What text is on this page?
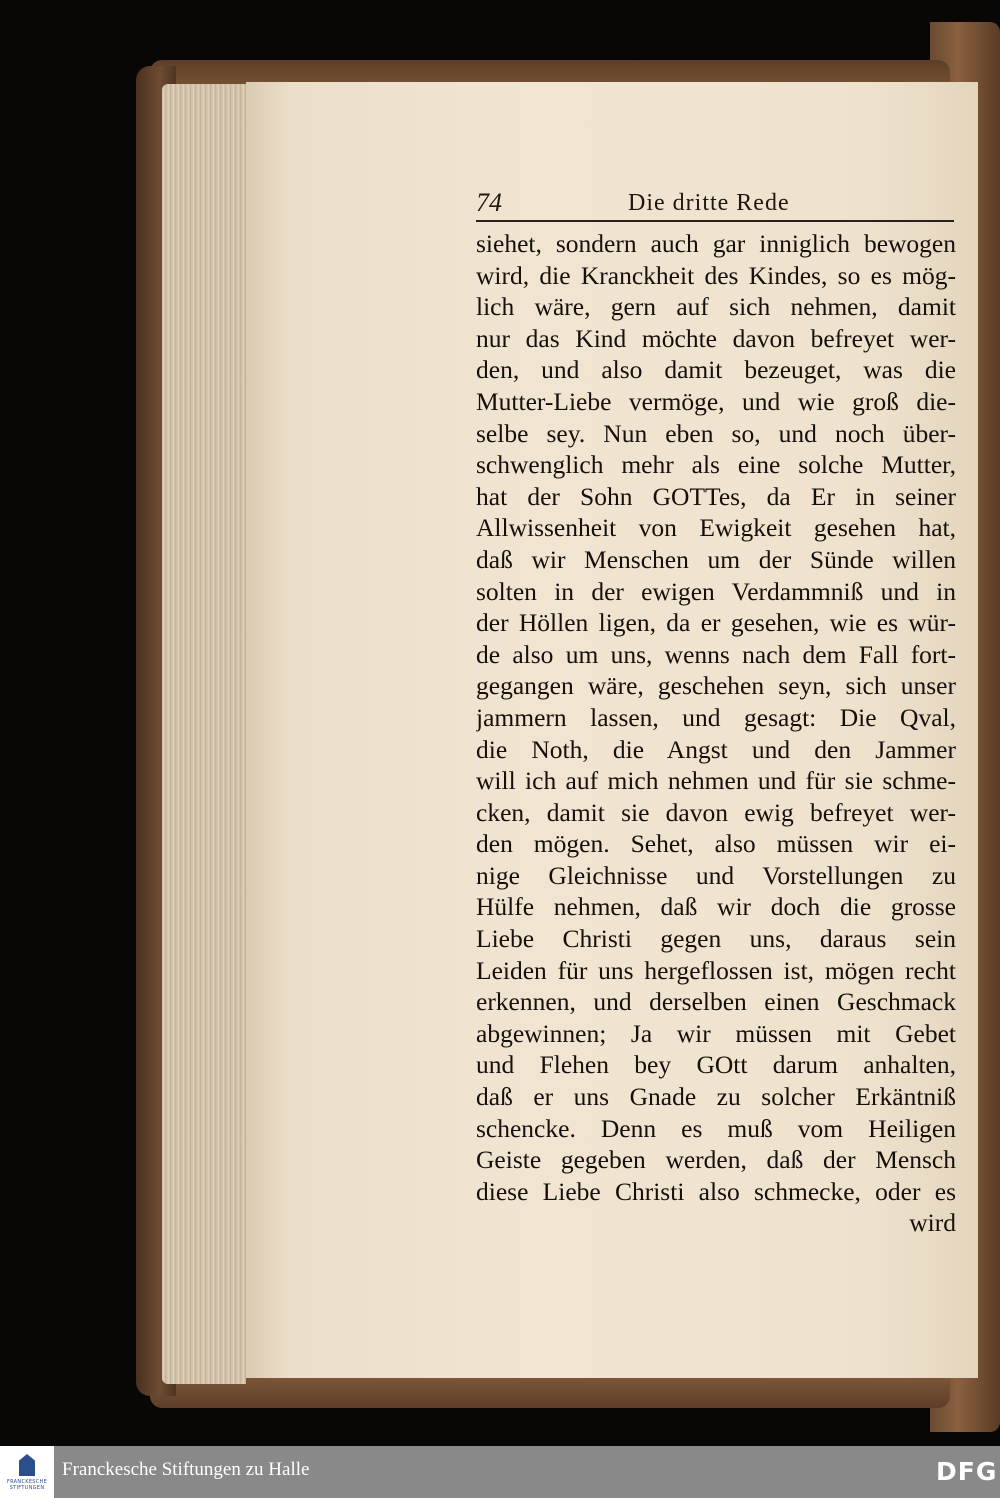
74	Die dritte Rede
siehet, sondern auch gar inniglich bewogen
wird, die Kranckheit des Kindes, so es mög-
lich wäre, gern auf sich nehmen, damit
nur das Kind möchte davon befreyet wer-
den, und also damit bezeuget, was die
Mutter-Liebe vermöge, und wie groß die-
selbe sey. Nun eben so, und noch über-
schwenglich mehr als eine solche Mutter,
hat der Sohn GOTTes, da Er in seiner
Allwissenheit von Ewigkeit gesehen hat,
daß wir Menschen um der Sünde willen
solten in der ewigen Verdammniß und in
der Höllen ligen, da er gesehen, wie es wür-
de also um uns, wenns nach dem Fall fort-
gegangen wäre, geschehen seyn, sich unser
jammern lassen, und gesagt: Die Qval,
die Noth, die Angst und den Jammer
will ich auf mich nehmen und für sie schme-
cken, damit sie davon ewig befreyet wer-
den mögen. Sehet, also müssen wir ei-
nige Gleichnisse und Vorstellungen zu
Hülfe nehmen, daß wir doch die grosse
Liebe Christi gegen uns, daraus sein
Leiden für uns hergeflossen ist, mögen recht
erkennen, und derselben einen Geschmack
abgewinnen; Ja wir müssen mit Gebet
und Flehen bey GOtt darum anhalten,
daß er uns Gnade zu solcher Erkäntniß
schencke. Denn es muß vom Heiligen
Geiste gegeben werden, daß der Mensch
diese Liebe Christi also schmecke, oder es
wird
FRANCKESCHE STIFTUNGEN
Franckesche Stiftungen zu Halle	DFG
